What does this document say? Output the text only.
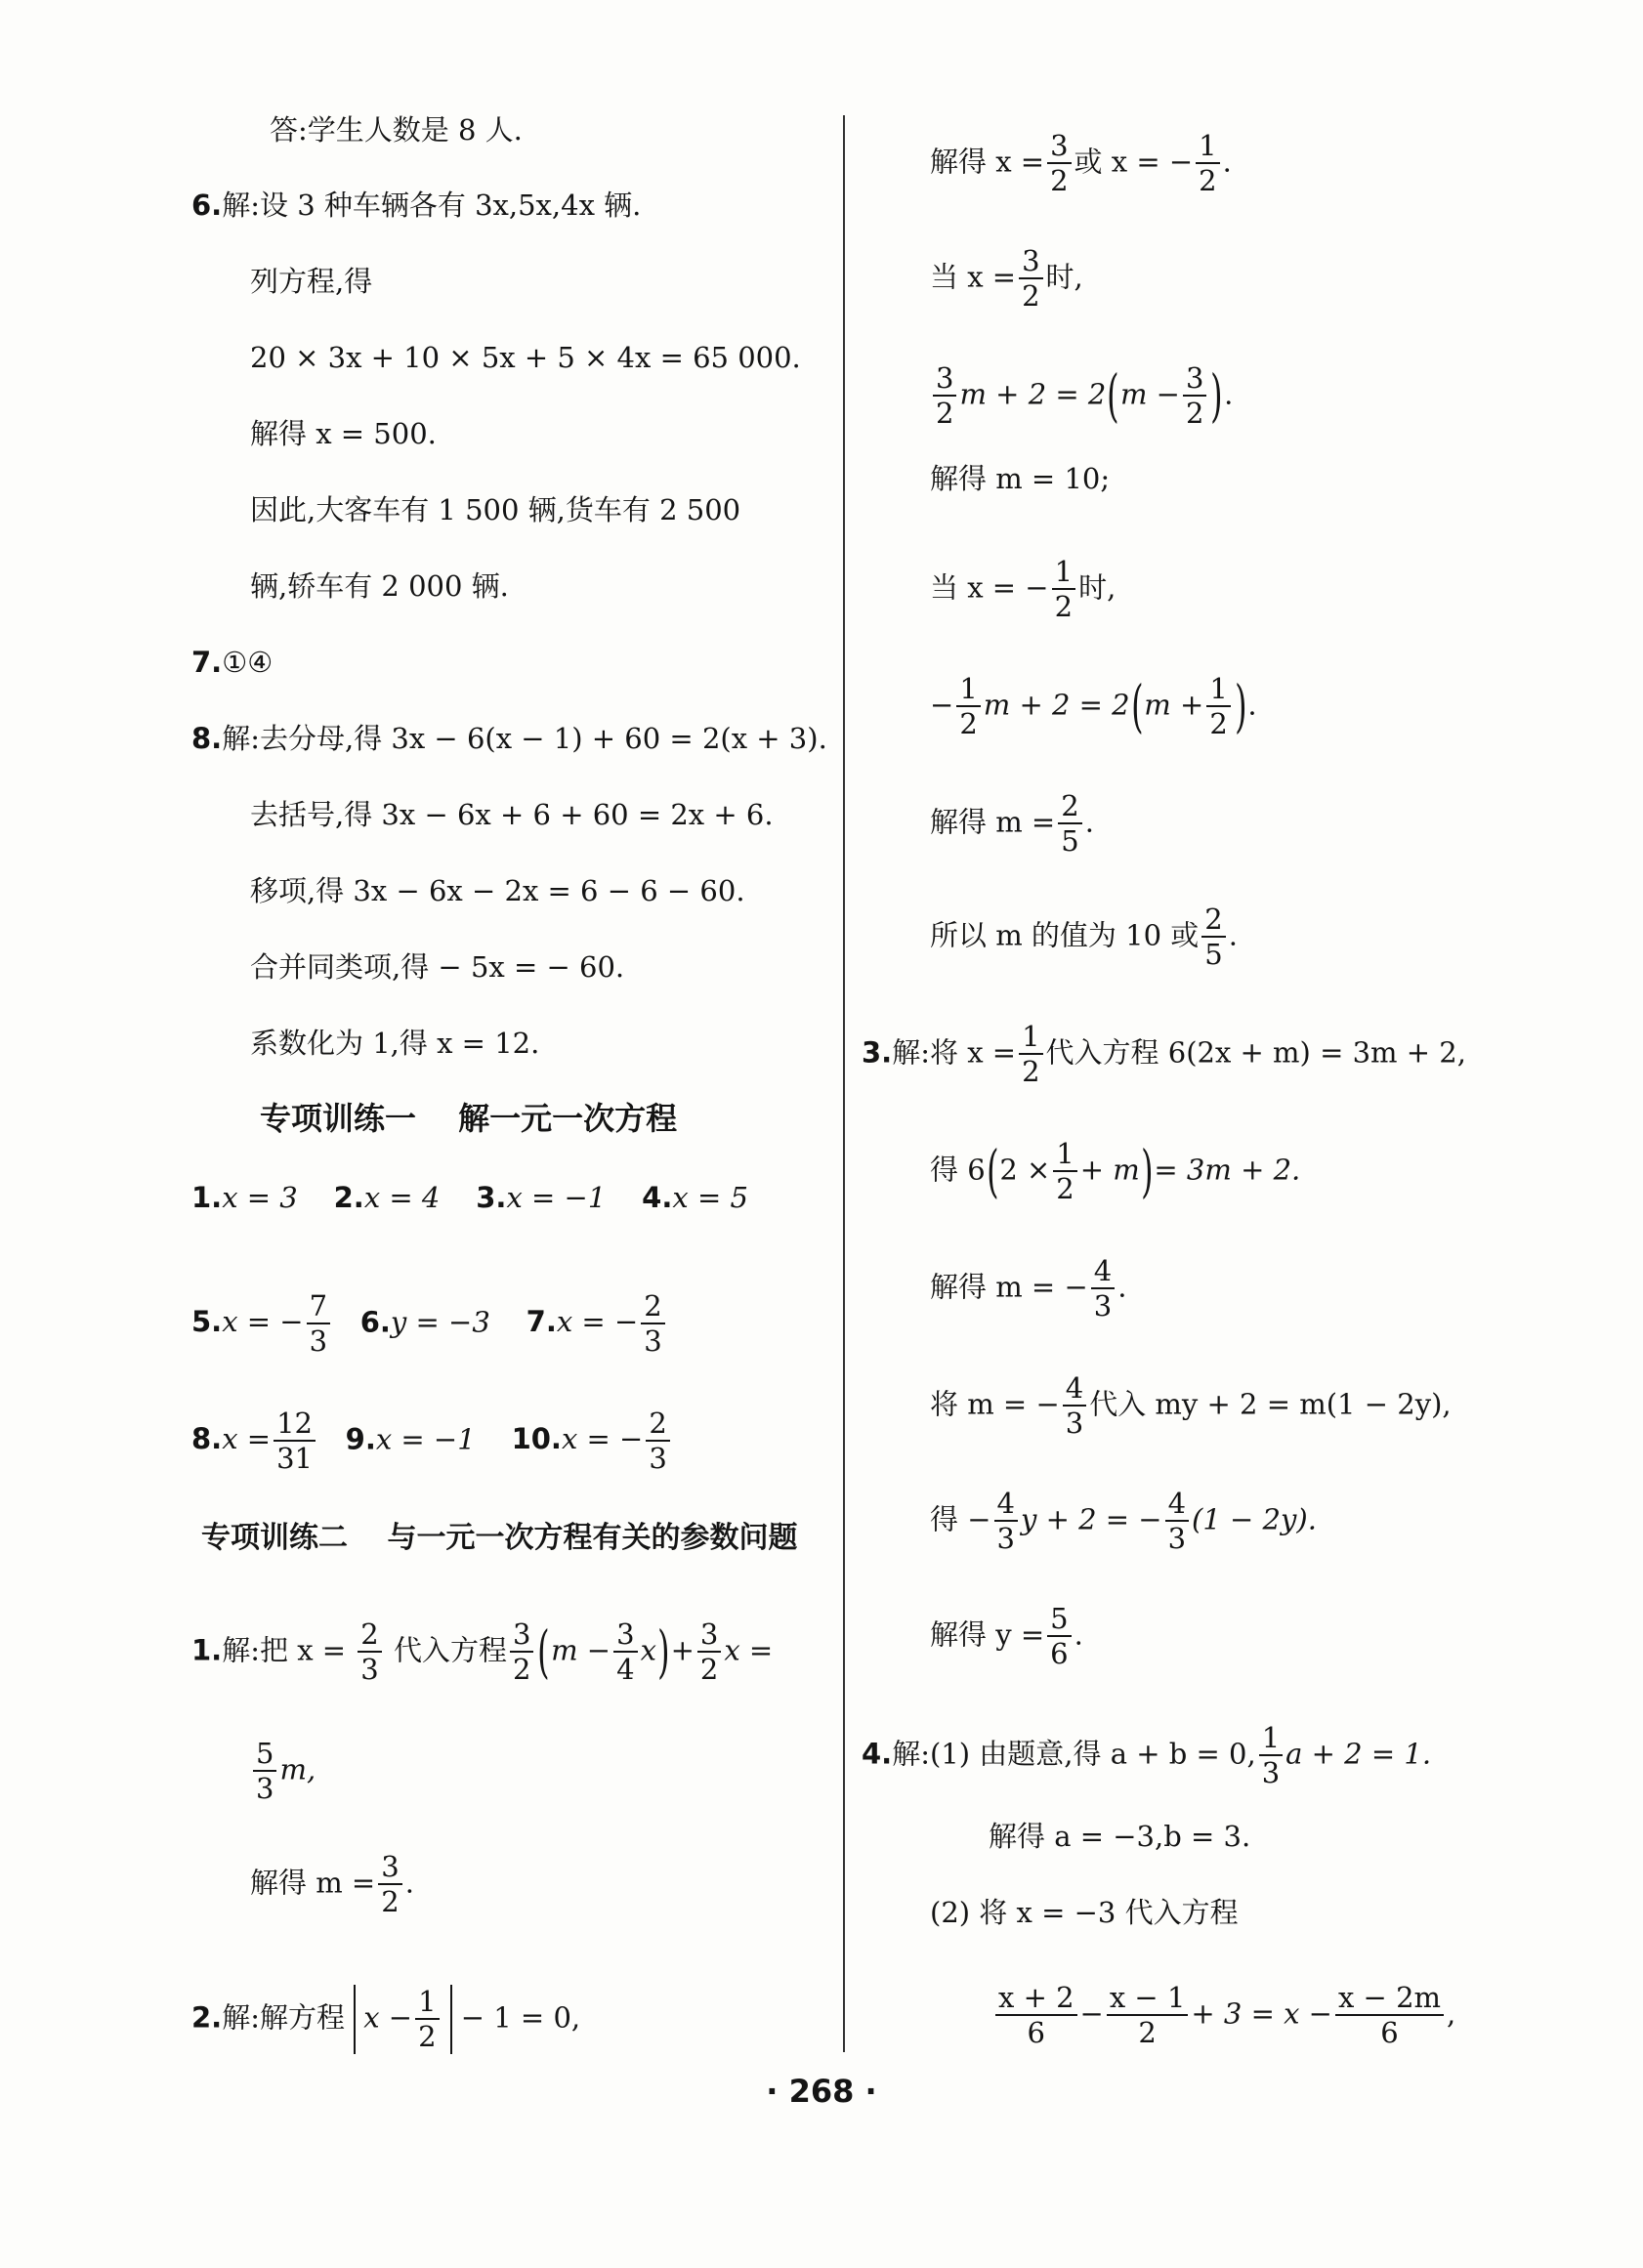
答:学生人数是 8 人.
6.解:设 3 种车辆各有 3x,5x,4x 辆.
列方程,得
20 × 3x + 10 × 5x + 5 × 4x = 65 000.
解得 x = 500.
因此,大客车有 1 500 辆,货车有 2 500
辆,轿车有 2 000 辆.
7.①④
8.解:去分母,得 3x − 6(x − 1) + 60 = 2(x + 3).
去括号,得 3x − 6x + 6 + 60 = 2x + 6.
移项,得 3x − 6x − 2x = 6 − 6 − 60.
合并同类项,得 − 5x = − 60.
系数化为 1,得 x = 12.
专项训练一　 解一元一次方程
1.x = 3 2.x = 4 3.x = −1 4.x = 5
5.x = − $\frac{7}{3} 6.y = -3$ 7.x = − $\frac{2}{3}$
$8.x = \frac{12}{31} 9.x = -1$ 10.x = − $\frac{2}{3}$
专项训练二　 与一元一次方程有关的参数问题
1.解:把 $x = \frac{2}{3}$ 代入方程 $\frac{3}{2} (m - \frac{3}{4} x)+ \frac{3}{2}$ x =
$\frac{5}{3} m$,
解得 $m = \frac{3}{2}$ .
2.解:解方程 $x - \frac{1}{2} - 1 = 0$,
解得 $x = \frac{3}{2}$ 或 x = − $\frac{1}{2}$ .
当 $x = \frac{3}{2}$ 时,
$\frac{3}{2}$ $m + 2 = 2(m - \frac{3}{2}$ ).
解得 m = 10;
当 x = − $\frac{1}{2}$ 时,
− $\frac{1}{2}$ $m + 2 = 2(m + \frac{1}{2}$ ).
解得 $m = \frac{2}{5}$ .
所以 m 的值为 10 或 $\frac{2}{5}$ .
3.解:将 $x = \frac{1}{2}$ 代入方程 6(2x + m) = 3m + 2,
得 $6(2 \times \frac{1}{2} + m)= 3m + 2$.
解得 m = − $\frac{4}{3}$ .
将 m = − $\frac{4}{3}$ 代入 my + 2 = m(1 − 2y),
得 − $\frac{4}{3}$ y + 2 = − $\frac{4}{3} (1 - 2y)$.
解得 $y = \frac{5}{6}$ .
4.解:(1) 由题意,得 a + b = 0, $\frac{1}{3}$ a + 2 = 1.
解得 a = −3,b = 3.
(2) 将 x = −3 代入方程
$\frac{x + 2}{6} - \frac{x - 1}{2} + 3 = x - \frac{x - 2m}{6}$ ,
· 268 ·
